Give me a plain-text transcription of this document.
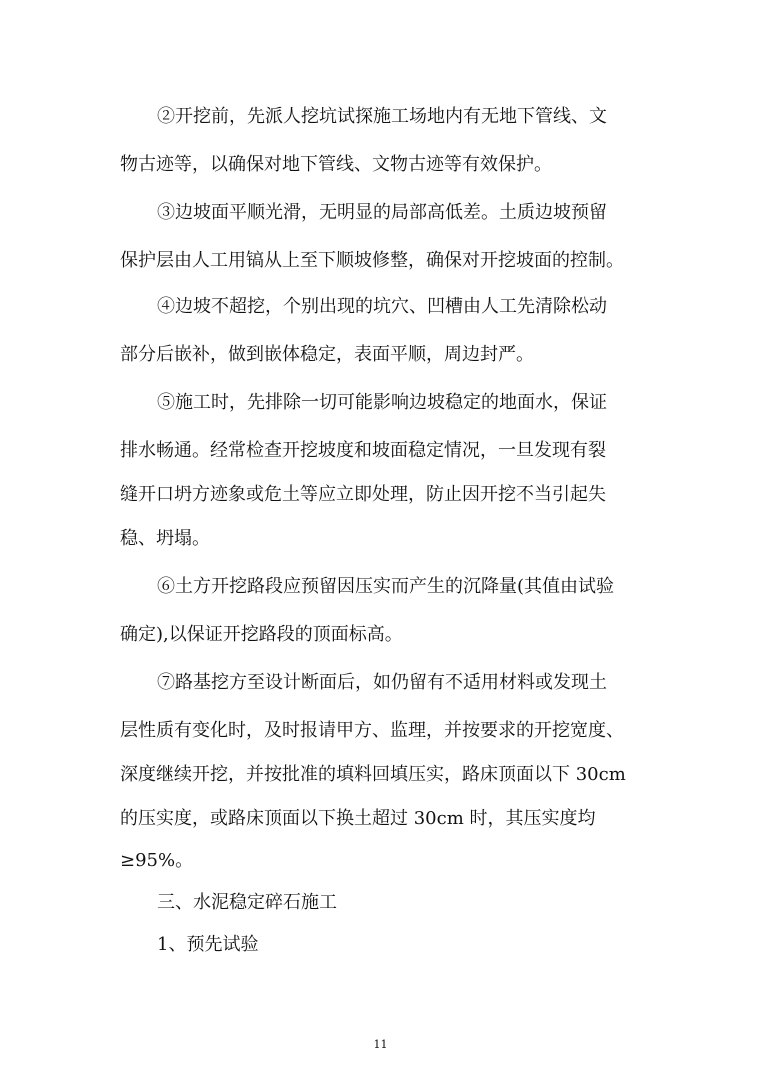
②开挖前，先派人挖坑试探施工场地内有无地下管线、文
物古迹等，以确保对地下管线、文物古迹等有效保护。
③边坡面平顺光滑，无明显的局部高低差。土质边坡预留
保护层由人工用镐从上至下顺坡修整，确保对开挖坡面的控制。
④边坡不超挖，个别出现的坑穴、凹槽由人工先清除松动
部分后嵌补，做到嵌体稳定，表面平顺，周边封严。
⑤施工时，先排除一切可能影响边坡稳定的地面水，保证
排水畅通。经常检查开挖坡度和坡面稳定情况，一旦发现有裂
缝开口坍方迹象或危土等应立即处理，防止因开挖不当引起失
稳、坍塌。
⑥土方开挖路段应预留因压实而产生的沉降量(其值由试验
确定),以保证开挖路段的顶面标高。
⑦路基挖方至设计断面后，如仍留有不适用材料或发现土
层性质有变化时，及时报请甲方、监理，并按要求的开挖宽度、
深度继续开挖，并按批准的填料回填压实，路床顶面以下 30cm
的压实度，或路床顶面以下换土超过 30cm 时，其压实度均
≥95%。
三、水泥稳定碎石施工
1、预先试验
11
